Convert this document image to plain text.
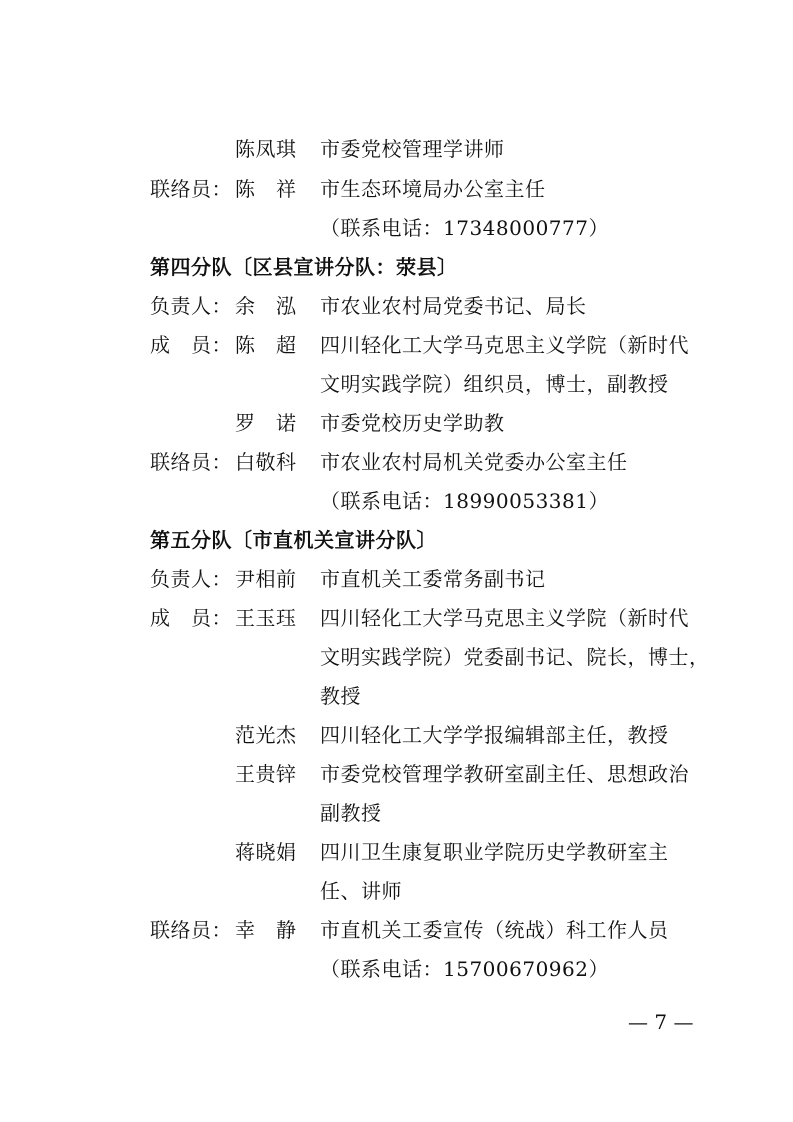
陈凤琪 市委党校管理学讲师
联络员： 陈　祥 市生态环境局办公室主任
（联系电话：17348000777）
第四分队〔区县宣讲分队：荥县〕
负责人： 余　泓 市农业农村局党委书记、局长
成　员： 陈　超 四川轻化工大学马克思主义学院（新时代
文明实践学院）组织员，博士，副教授
罗　诺 市委党校历史学助教
联络员： 白敬科 市农业农村局机关党委办公室主任
（联系电话：18990053381）
第五分队〔市直机关宣讲分队〕
负责人： 尹相前 市直机关工委常务副书记
成　员： 王玉珏 四川轻化工大学马克思主义学院（新时代
文明实践学院）党委副书记、院长，博士，
教授
范光杰 四川轻化工大学学报编辑部主任，教授
王贵锌 市委党校管理学教研室副主任、思想政治
副教授
蒋晓娟 四川卫生康复职业学院历史学教研室主
任、讲师
联络员： 幸　静 市直机关工委宣传（统战）科工作人员
（联系电话：15700670962）
— 7 —
